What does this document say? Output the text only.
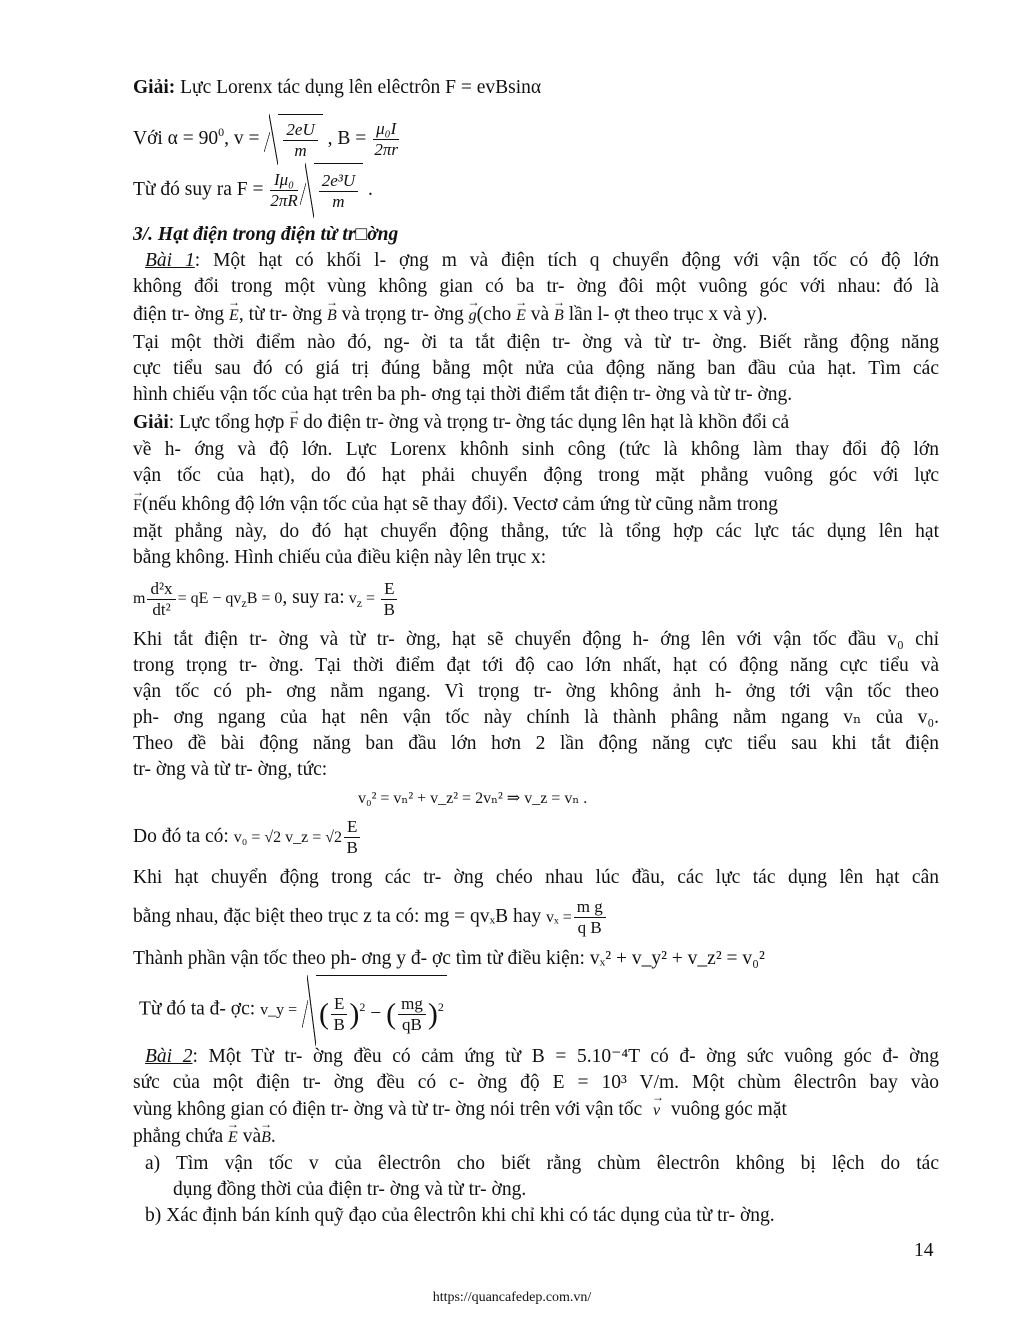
Giải: Lực Lorenx tác dụng lên elêctrôn F = evBsinα
Với $\alpha = 90^0$, $v = \frac{2eU}{m}$ , $B = \frac{\text{μ₀I}}{2\pi r}$
Từ đó suy ra $F = \frac{\text{Iμ₀}}{2\pi R} \frac{\text{2e³U}}{m}$ .
3/. Hạt điện trong điện từ tr□ờng
Bài 1: Một hạt có khối l- ợng m và điện tích q chuyển động với vận tốc có độ lớn
không đổi trong một vùng không gian có ba tr- ờng đôi một vuông góc với nhau: đó là
điện tr- ờng → E, từ tr- ờng → B và trọng tr- ờng → g(cho → E và → B lần l- ợt theo trục x và y).
Tại một thời điểm nào đó, ng- ời ta tắt điện tr- ờng và từ tr- ờng. Biết rằng động năng
cực tiểu sau đó có giá trị đúng bằng một nửa của động năng ban đầu của hạt. Tìm các
hình chiếu vận tốc của hạt trên ba ph- ơng tại thời điểm tắt điện tr- ờng và từ tr- ờng.
Giải: Lực tổng hợp → F do điện tr- ờng và trọng tr- ờng tác dụng lên hạt là khồn đổi cả
về h- ớng và độ lớn. Lực Lorenx khônh sinh công (tức là không làm thay đổi độ lớn
vận tốc của hạt), do đó hạt phải chuyển động trong mặt phẳng vuông góc với lực
→ F(nếu không độ lớn vận tốc của hạt sẽ thay đổi). Vectơ cảm ứng từ cũng nằm trong
mặt phẳng này, do đó hạt chuyển động thẳng, tức là tổng hợp các lực tác dụng lên hạt
bằng không. Hình chiếu của điều kiện này lên trục x:
m $\frac{\text{d²x}}{\text{dt²}}$ = qE − $qv_zB = 0$, suy ra: $v_z = \frac{E}{B}$
Khi tắt điện tr- ờng và từ tr- ờng, hạt sẽ chuyển động h- ớng lên với vận tốc đầu v₀ chỉ
trong trọng tr- ờng. Tại thời điểm đạt tới độ cao lớn nhất, hạt có động năng cực tiểu và
vận tốc có ph- ơng nằm ngang. Vì trọng tr- ờng không ảnh h- ởng tới vận tốc theo
ph- ơng ngang của hạt nên vận tốc này chính là thành phâng nằm ngang vₙ của v₀.
Theo đề bài động năng ban đầu lớn hơn 2 lần động năng cực tiểu sau khi tắt điện
tr- ờng và từ tr- ờng, tức:
v₀² = vₙ² + v_z² = 2vₙ² ⇒ v_z = vₙ .
Do đó ta có: v₀ = √2 v_z = $√2 \frac{E}{B}$
Khi hạt chuyển động trong các tr- ờng chéo nhau lúc đầu, các lực tác dụng lên hạt cân
bằng nhau, đặc biệt theo trục z ta có: mg = qvₓB hay $v_x = \frac{\text{m g}}{\text{q B}}$
Thành phần vận tốc theo ph- ơng y đ- ợc tìm từ điều kiện: vₓ² + v_y² + v_z² = v₀²
Từ đó ta đ- ợc: v_y = ( $\frac{E}{B} )^2$ − ( $\frac{mg}{qB} )^2$
Bài 2: Một Từ tr- ờng đều có cảm ứng từ B = 5.10⁻⁴T có đ- ờng sức vuông góc đ- ờng
sức của một điện tr- ờng đều có c- ờng độ E = 10³ V/m. Một chùm êlectrôn bay vào
vùng không gian có điện tr- ờng và từ tr- ờng nói trên với vận tốc → v vuông góc mặt
phẳng chứa → E và→ B.
a) Tìm vận tốc v của êlectrôn cho biết rằng chùm êlectrôn không bị lệch do tác
dụng đồng thời của điện tr- ờng và từ tr- ờng.
b) Xác định bán kính quỹ đạo của êlectrôn khi chỉ khi có tác dụng của từ tr- ờng.
14
https://quancafedep.com.vn/
